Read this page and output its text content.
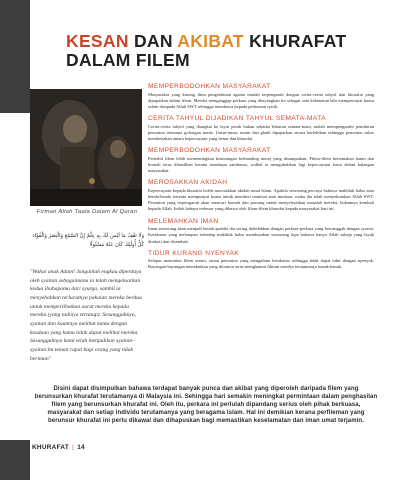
KESAN DAN AKIBAT KHURAFAT
DALAM FILEM
Firman Allah Taala Dalam Al Quran
وَلَا تَقْفُ مَا لَيْسَ لَكَ بِهِ عِلْمٌ إِنَّ السَّمْعَ وَالْبَصَرَ وَالْفُؤَادَ كُلُّ أُولَٰئِكَ كَانَ عَنْهُ مَسْئُولًا
"Wahai anak Adam! Janganlah engkau diperdaya oleh syaitan sebagaimana ia telah mengeluarkan kedua ibubapamu dari syurga, sambil ia menyebabkan terlucutnya pakaian mereka berdua untuk memperlihatkan aurat mereka kepada mereka (yang tadinya tertutup). Sesungguhnya, syaitan dan kaumnya melihat kamu dengan keadaan yang kamu tidak dapat melihat mereka. Sesungguhnya kami telah menjadikan syaitan-syaitan itu teman rapat bagi orang yang tidak beriman"
MEMPERBODOHKAN MASYARAKAT

Masyarakat yang kurang ilmu pengetahuan agama mudah terpengaruh dengan cerita-cerita tahyul dan khurafat yang dipaparkan dalam filem. Mereka menganggap perkara yang ditayangkan itu sebagai satu kebenaran lalu mempercayai kuasa selain daripada Allah SWT sehingga membawa kepada perbuatan syirik.

CERITA TAHYUL DIJADIKAN TAHYUL SEMATA-MATA

Cerita-cerita tahyul yang diangkat ke layar perak bukan sekadar hiburan semata-mata, malah mempengaruhi pemikiran penonton terutama golongan muda. Unsur-unsur seram dan ghaib dipaparkan secara berlebihan sehingga penonton sukar membezakan antara kepercayaan yang benar dan khurafat.

MEMPERBODOHKAN MASYARAKAT

Penerbit filem lebih mementingkan keuntungan berbanding mesej yang disampaikan. Filem-filem bertemakan hantu dan bomoh terus dihasilkan kerana mendapat sambutan, walhal ia mengukuhkan lagi kepercayaan karut dalam kalangan masyarakat.

MEROSAKKAN AKIDAH

Kepercayaan kepada khurafat boleh merosakkan akidah umat Islam. Apabila seseorang percaya bahawa makhluk halus atau benda-benda tertentu mempunyai kuasa untuk memberi manfaat atau mudarat, maka dia telah menyekutukan Allah SWT. Penonton yang terpengaruh akan mencari bomoh dan pawang untuk menyelesaikan masalah mereka, bukannya kembali kepada Allah. Inilah bahaya terbesar yang dibawa oleh filem-filem khurafat kepada masyarakat hari ini.

MELEMAHKAN IMAN

Iman seseorang akan menjadi lemah apabila dia sering didedahkan dengan perkara-perkara yang bercanggah dengan syariat. Ketakutan yang melampau terhadap makhluk halus membuatkan seseorang lupa bahawa hanya Allah sahaja yang layak ditakuti dan disembah.

TIDUR KURANG NYENYAK

Selepas menonton filem seram, ramai penonton yang mengalami ketakutan sehingga tidak dapat tidur dengan nyenyak. Bayangan-bayangan menakutkan yang ditonton terus menghantui fikiran mereka terutamanya kanak-kanak.

Disini dapat disimpulkan bahawa terdapat banyak punca dan akibat yang diperoleh daripada filem yang berunsurkan khurafat terutamanya di Malaysia ini. Sehingga hari semakin meningkat permintaan dalam penghasilan filem yang berunsurkan khurafat ini. Oleh itu, perkara ini perlulah dipandang serius oleh pihak berkuasa, masyarakat dan setiap individu terutamanya yang beragama Islam. Hal ini demikian kerana perfileman yang berunsur khurafat ini perlu dikawal dan dihapuskan bagi memastikan keselamatan dan iman umat terjamin.

KHURAFAT | 14
